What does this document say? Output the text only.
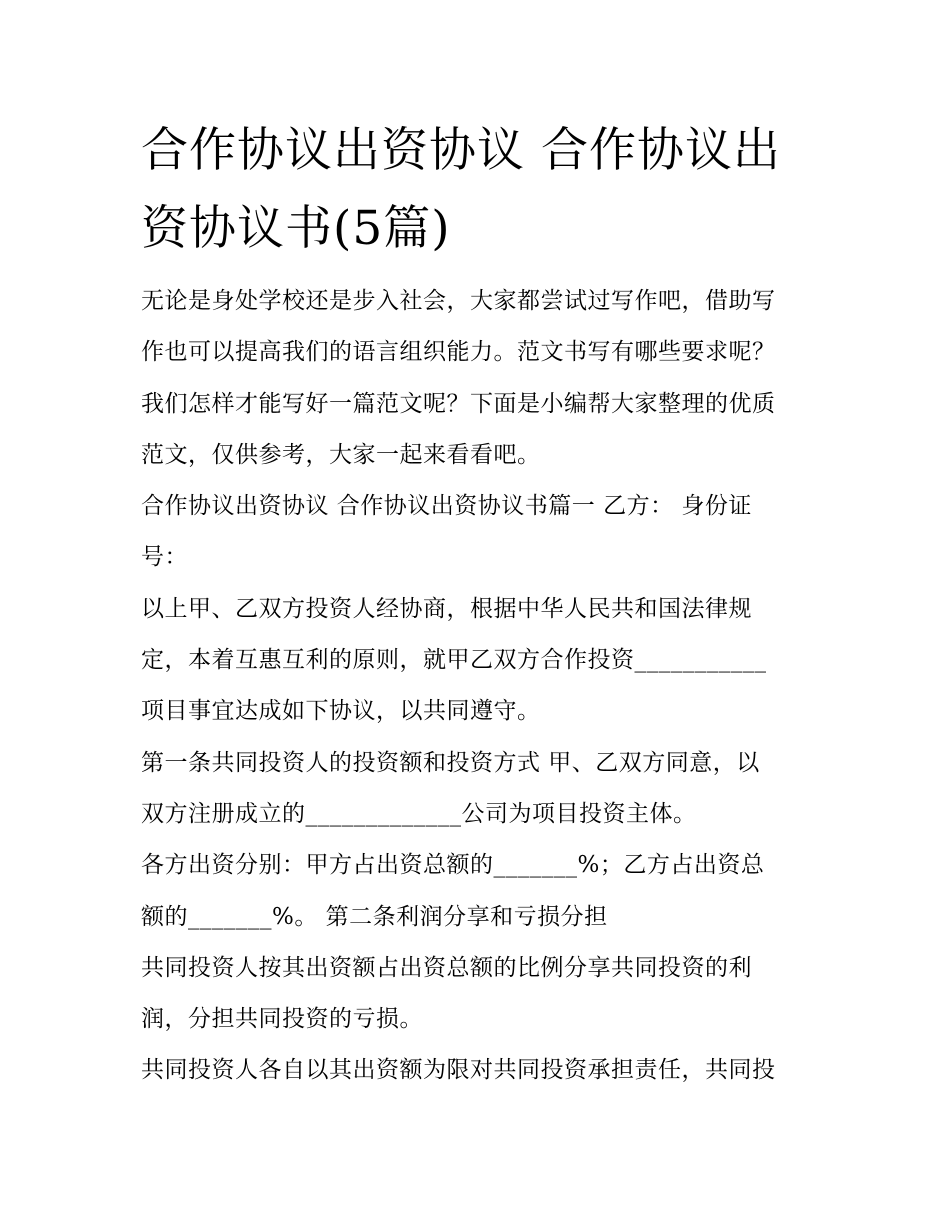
合作协议出资协议 合作协议出
资协议书(5篇)

无论是身处学校还是步入社会，大家都尝试过写作吧，借助写
作也可以提高我们的语言组织能力。范文书写有哪些要求呢？
我们怎样才能写好一篇范文呢？下面是小编帮大家整理的优质
范文，仅供参考，大家一起来看看吧。

合作协议出资协议 合作协议出资协议书篇一 乙方： 身份证
号：

以上甲、乙双方投资人经协商，根据中华人民共和国法律规
定，本着互惠互利的原则，就甲乙双方合作投资___________
项目事宜达成如下协议，以共同遵守。

第一条共同投资人的投资额和投资方式 甲、乙双方同意，以
双方注册成立的_____________公司为项目投资主体。

各方出资分别：甲方占出资总额的_______%；乙方占出资总
额的_______%。 第二条利润分享和亏损分担

共同投资人按其出资额占出资总额的比例分享共同投资的利
润，分担共同投资的亏损。

共同投资人各自以其出资额为限对共同投资承担责任，共同投
